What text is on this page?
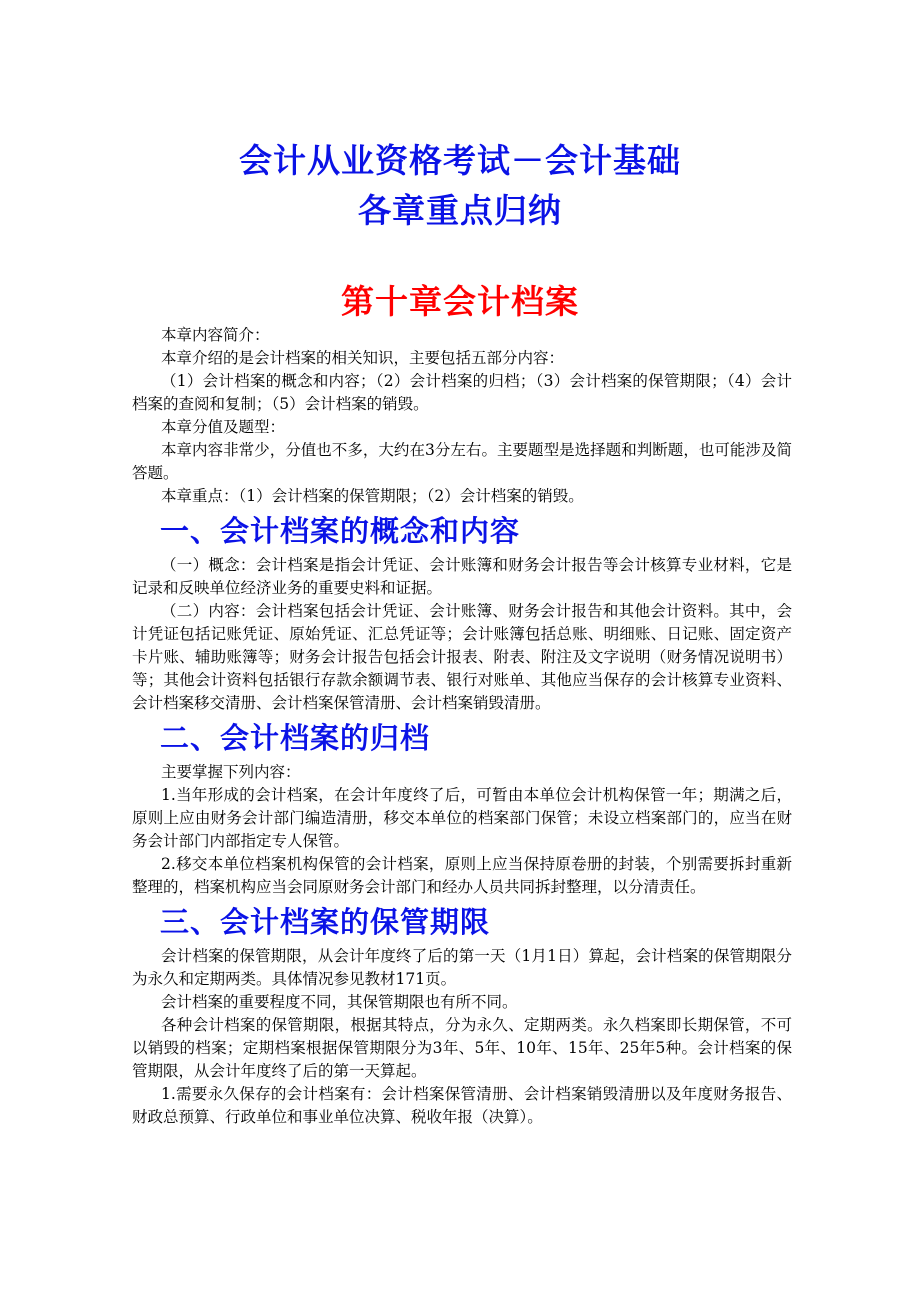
会计从业资格考试－会计基础
各章重点归纳
第十章会计档案

本章内容简介：

本章介绍的是会计档案的相关知识，主要包括五部分内容：

（1）会计档案的概念和内容；（2）会计档案的归档；（3）会计档案的保管期限；（4）会计档案的查阅和复制；（5）会计档案的销毁。

本章分值及题型：

本章内容非常少，分值也不多，大约在3分左右。主要题型是选择题和判断题，也可能涉及简答题。

本章重点：（1）会计档案的保管期限；（2）会计档案的销毁。

一、会计档案的概念和内容

（一）概念：会计档案是指会计凭证、会计账簿和财务会计报告等会计核算专业材料，它是记录和反映单位经济业务的重要史料和证据。

（二）内容：会计档案包括会计凭证、会计账簿、财务会计报告和其他会计资料。其中，会计凭证包括记账凭证、原始凭证、汇总凭证等；会计账簿包括总账、明细账、日记账、固定资产卡片账、辅助账簿等；财务会计报告包括会计报表、附表、附注及文字说明（财务情况说明书）等；其他会计资料包括银行存款余额调节表、银行对账单、其他应当保存的会计核算专业资料、会计档案移交清册、会计档案保管清册、会计档案销毁清册。

二、会计档案的归档

主要掌握下列内容：

1.当年形成的会计档案，在会计年度终了后，可暂由本单位会计机构保管一年；期满之后，原则上应由财务会计部门编造清册，移交本单位的档案部门保管；未设立档案部门的，应当在财务会计部门内部指定专人保管。

2.移交本单位档案机构保管的会计档案，原则上应当保持原卷册的封装，个别需要拆封重新整理的，档案机构应当会同原财务会计部门和经办人员共同拆封整理，以分清责任。

三、会计档案的保管期限

会计档案的保管期限，从会计年度终了后的第一天（1月1日）算起，会计档案的保管期限分为永久和定期两类。具体情况参见教材171页。

会计档案的重要程度不同，其保管期限也有所不同。

各种会计档案的保管期限，根据其特点，分为永久、定期两类。永久档案即长期保管，不可以销毁的档案；定期档案根据保管期限分为3年、5年、10年、15年、25年5种。会计档案的保管期限，从会计年度终了后的第一天算起。

1.需要永久保存的会计档案有：会计档案保管清册、会计档案销毁清册以及年度财务报告、财政总预算、行政单位和事业单位决算、税收年报（决算）。
